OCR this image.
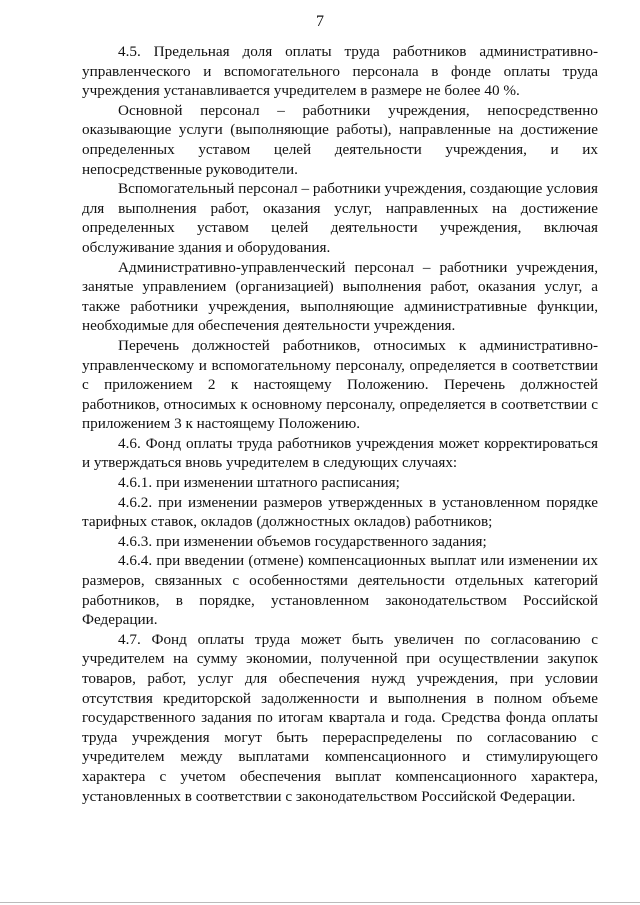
7

4.5. Предельная доля оплаты труда работников административно-управленческого и вспомогательного персонала в фонде оплаты труда учреждения устанавливается учредителем в размере не более 40 %.

Основной персонал – работники учреждения, непосредственно оказывающие услуги (выполняющие работы), направленные на достижение определенных уставом целей деятельности учреждения, и их непосредственные руководители.

Вспомогательный персонал – работники учреждения, создающие условия для выполнения работ, оказания услуг, направленных на достижение определенных уставом целей деятельности учреждения, включая обслуживание здания и оборудования.

Административно-управленческий персонал – работники учреждения, занятые управлением (организацией) выполнения работ, оказания услуг, а также работники учреждения, выполняющие административные функции, необходимые для обеспечения деятельности учреждения.

Перечень должностей работников, относимых к административно-управленческому и вспомогательному персоналу, определяется в соответствии с приложением 2 к настоящему Положению. Перечень должностей работников, относимых к основному персоналу, определяется в соответствии с приложением 3 к настоящему Положению.

4.6. Фонд оплаты труда работников учреждения может корректироваться и утверждаться вновь учредителем в следующих случаях:

4.6.1. при изменении штатного расписания;

4.6.2. при изменении размеров утвержденных в установленном порядке тарифных ставок, окладов (должностных окладов) работников;

4.6.3. при изменении объемов государственного задания;

4.6.4. при введении (отмене) компенсационных выплат или изменении их размеров, связанных с особенностями деятельности отдельных категорий работников, в порядке, установленном законодательством Российской Федерации.

4.7. Фонд оплаты труда может быть увеличен по согласованию с учредителем на сумму экономии, полученной при осуществлении закупок товаров, работ, услуг для обеспечения нужд учреждения, при условии отсутствия кредиторской задолженности и выполнения в полном объеме государственного задания по итогам квартала и года. Средства фонда оплаты труда учреждения могут быть перераспределены по согласованию с учредителем между выплатами компенсационного и стимулирующего характера с учетом обеспечения выплат компенсационного характера, установленных в соответствии с законодательством Российской Федерации.
